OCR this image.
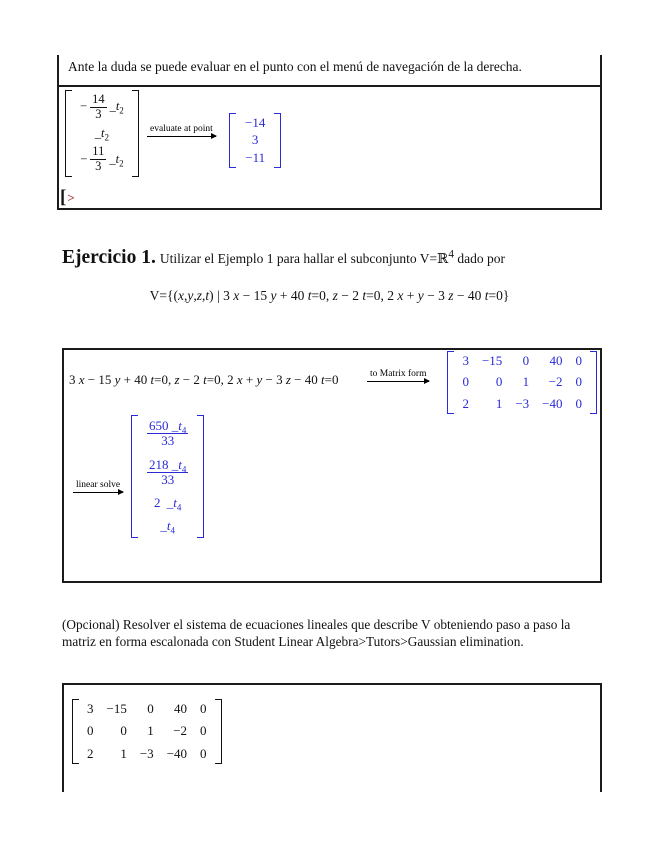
Ante la duda se puede evaluar en el punto con el menú de navegación de la derecha.
− $\frac{14}{3}$ $\_t_2$
$\_t_2$
− $\frac{11}{3}$ $\_t_2$
evaluate at point −14
3
−11
[ >
Ejercicio 1. Utilizar el Ejemplo 1 para hallar el subconjunto V=ℝ$^4$ dado por
V={(x,y,z,t) | 3 x − 15 y + 40 t=0, z − 2 t=0, 2 x + y − 3 z − 40 t=0}
3 x − 15 y + 40 t=0, z − 2 t=0, 2 x + y − 3 z − 40 t=0	to Matrix form
3 −15 0 40 0
0 0 1 −2 0
2 1 −3 −40 0
linear solve
$\frac{650 \_t_4}{33}$
$\frac{218 \_t_4}{33}$
2 $\_t_4$
$\_t_4$
(Opcional) Resolver el sistema de ecuaciones lineales que describe V obteniendo paso a paso la matriz en forma escalonada con Student Linear Algebra>Tutors>Gaussian elimination.
3 −15 0 40 0
0 0 1 −2 0
2 1 −3 −40 0
